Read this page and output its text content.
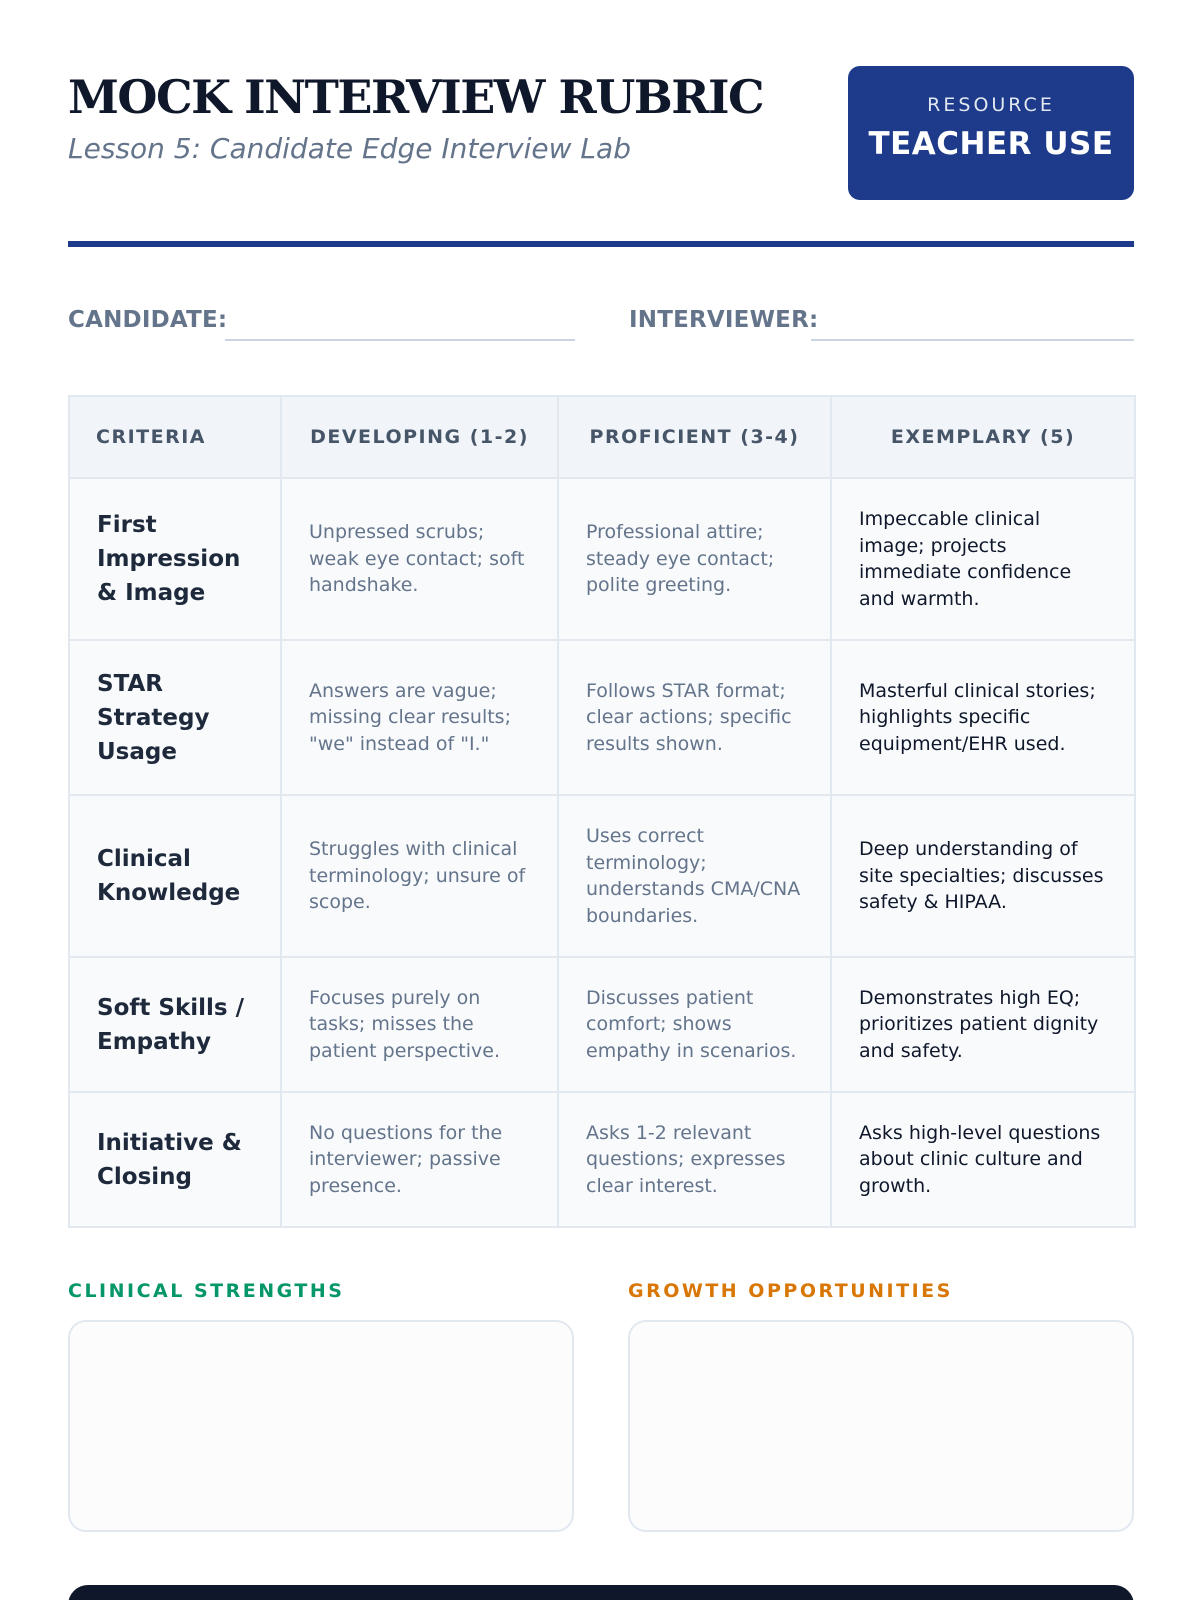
MOCK INTERVIEW RUBRIC
Lesson 5: Candidate Edge Interview Lab
RESOURCE
TEACHER USE
CANDIDATE:	INTERVIEWER:
CRITERIA	DEVELOPING (1-2)	PROFICIENT (3-4)	EXEMPLARY (5)
First Impression & Image	Unpressed scrubs; weak eye contact; soft handshake.	Professional attire; steady eye contact; polite greeting.	Impeccable clinical image; projects immediate confidence and warmth.
STAR Strategy Usage	Answers are vague; missing clear results; "we" instead of "I."	Follows STAR format; clear actions; specific results shown.	Masterful clinical stories; highlights specific equipment/EHR used.
Clinical Knowledge	Struggles with clinical terminology; unsure of scope.	Uses correct terminology; understands CMA/CNA boundaries.	Deep understanding of site specialties; discusses safety & HIPAA.
Soft Skills / Empathy	Focuses purely on tasks; misses the patient perspective.	Discusses patient comfort; shows empathy in scenarios.	Demonstrates high EQ; prioritizes patient dignity and safety.
Initiative & Closing	No questions for the interviewer; passive presence.	Asks 1-2 relevant questions; expresses clear interest.	Asks high-level questions about clinic culture and growth.
CLINICAL STRENGTHS	GROWTH OPPORTUNITIES
